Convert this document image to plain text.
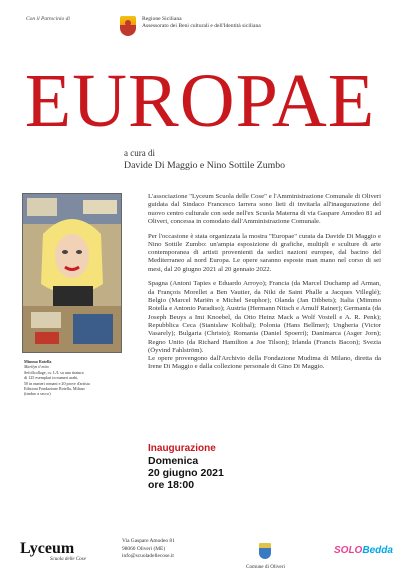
Con il Patrocinio di	Regione Siciliana
Assessorato dei Beni culturali e dell'Identità siciliana
EUROPAE
a cura di
Davide Di Maggio e Nino Sottile Zumbo
Mimmo Rotella
Marilyn il mito
Sefollcollage, cs. L/L su una tiratura
di 125 esemplari in numeri arabi,
50 in numeri romani e 20 prove d'artista
Edizioni Fondazione Rotella, Milano
(timbro a secco)

L'associazione "Lyceum Scuola delle Cose" e l'Amministrazione Comunale di Oliveri guidata dal Sindaco Francesco Iarrera sono lieti di invitarla all'inaugurazione del nuovo centro culturale con sede nell'ex Scuola Materna di via Gaspare Amodeo 81 ad Oliveri, concessa in comodato dall'Amministrazione Comunale.

Per l'occasione è stata organizzata la mostra "Europae" curata da Davide Di Maggio e Nino Sottile Zumbo: un'ampia esposizione di grafiche, multipli e sculture di arte contemporanea di artisti provenienti da sedici nazioni europee, dal bacino del Mediterraneo al nord Europa. Le opere saranno esposte man mano nel corso di sei mesi, dal 20 giugno 2021 al 20 gennaio 2022.

Spagna (Antoni Tapies e Eduardo Arroyo); Francia (da Marcel Duchamp ad Arman, da François Morellet a Ben Vautier, da Niki de Saint Phalle a Jacques Villeglé); Belgio (Marcel Mariën e Michel Seuphor); Olanda (Jan Dibbets); Italia (Mimmo Rotella e Antonio Paradiso); Austria (Hermann Nitsch e Arnulf Rainer); Germania (da Joseph Beuys a Imi Knoebel, da Otto Heinz Mack a Wolf Vostell e A. R. Penk); Repubblica Ceca (Stanislaw Kolibal); Polonia (Hans Bellmer); Ungheria (Victor Vasarely); Bulgaria (Christo); Romania (Daniel Spoerri); Danimarca (Asger Jorn); Regno Unito (da Richard Hamilton a Joe Tilson); Irlanda (Francis Bacon); Svezia (Öyvind Fahlström).

Le opere provengono dall'Archivio della Fondazione Mudima di Milano, diretta da Irene Di Maggio e dalla collezione personale di Gino Di Maggio.

Inaugurazione
Domenica
20 giugno 2021
ore 18:00
Lyceum
Scuola delle Cose
Via Gaspare Amodeo 81
98060 Oliveri (ME)
info@scuoladellecose.it
Comune di Oliveri
SOLOBedda
